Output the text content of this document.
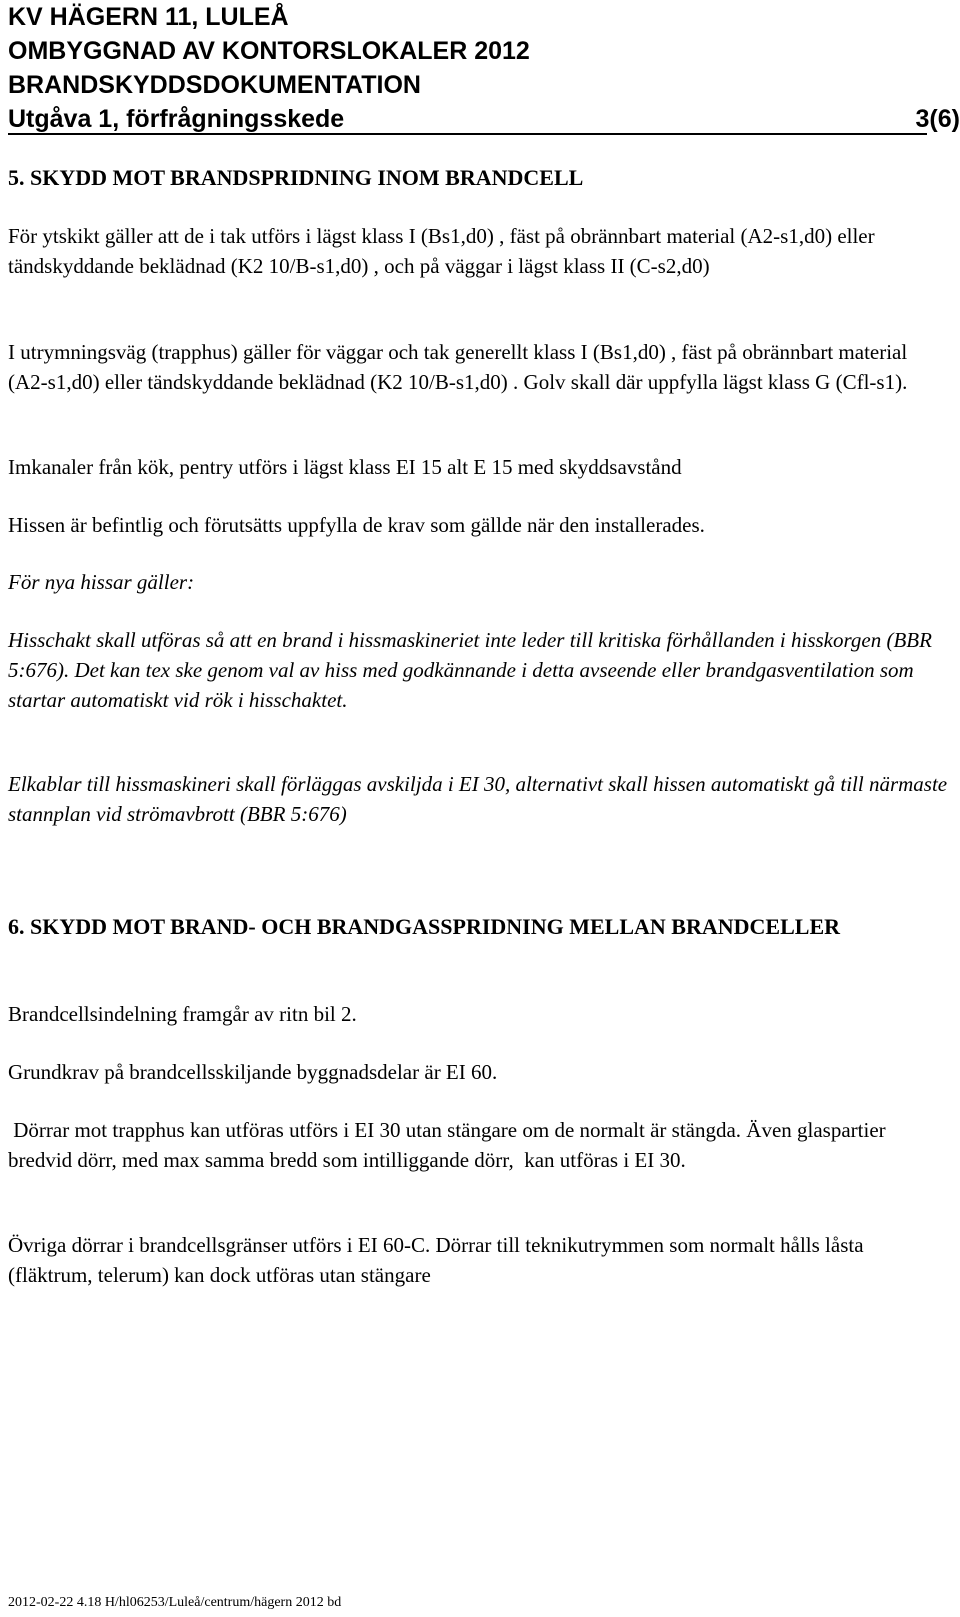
KV HÄGERN 11, LULEÅ
OMBYGGNAD AV KONTORSLOKALER 2012
BRANDSKYDDSDOKUMENTATION
Utgåva 1, förfrågningsskede	3(6)
5. SKYDD MOT BRANDSPRIDNING INOM BRANDCELL

För ytskikt gäller att de i tak utförs i lägst klass I (Bs1,d0) , fäst på obrännbart material (A2-s1,d0) eller tändskyddande beklädnad (K2 10/B-s1,d0) , och på väggar i lägst klass II (C-s2,d0)

I utrymningsväg (trapphus) gäller för väggar och tak generellt klass I (Bs1,d0) , fäst på obrännbart material (A2-s1,d0) eller tändskyddande beklädnad (K2 10/B-s1,d0) . Golv skall där uppfylla lägst klass G (Cfl-s1).

Imkanaler från kök, pentry utförs i lägst klass EI 15 alt E 15 med skyddsavstånd

Hissen är befintlig och förutsätts uppfylla de krav som gällde när den installerades.

För nya hissar gäller:

Hisschakt skall utföras så att en brand i hissmaskineriet inte leder till kritiska förhållanden i hisskorgen (BBR 5:676). Det kan tex ske genom val av hiss med godkännande i detta avseende eller brandgasventilation som startar automatiskt vid rök i hisschaktet.

Elkablar till hissmaskineri skall förläggas avskiljda i EI 30, alternativt skall hissen automatiskt gå till närmaste stannplan vid strömavbrott (BBR 5:676)

6. SKYDD MOT BRAND- OCH BRANDGASSPRIDNING MELLAN BRANDCELLER

Brandcellsindelning framgår av ritn bil 2.

Grundkrav på brandcellsskiljande byggnadsdelar är EI 60.

Dörrar mot trapphus kan utföras utförs i EI 30 utan stängare om de normalt är stängda. Även glaspartier bredvid dörr, med max samma bredd som intilliggande dörr,  kan utföras i EI 30.

Övriga dörrar i brandcellsgränser utförs i EI 60-C. Dörrar till teknikutrymmen som normalt hålls låsta (fläktrum, telerum) kan dock utföras utan stängare

2012-02-22 4.18 H/hl06253/Luleå/centrum/hägern 2012 bd
